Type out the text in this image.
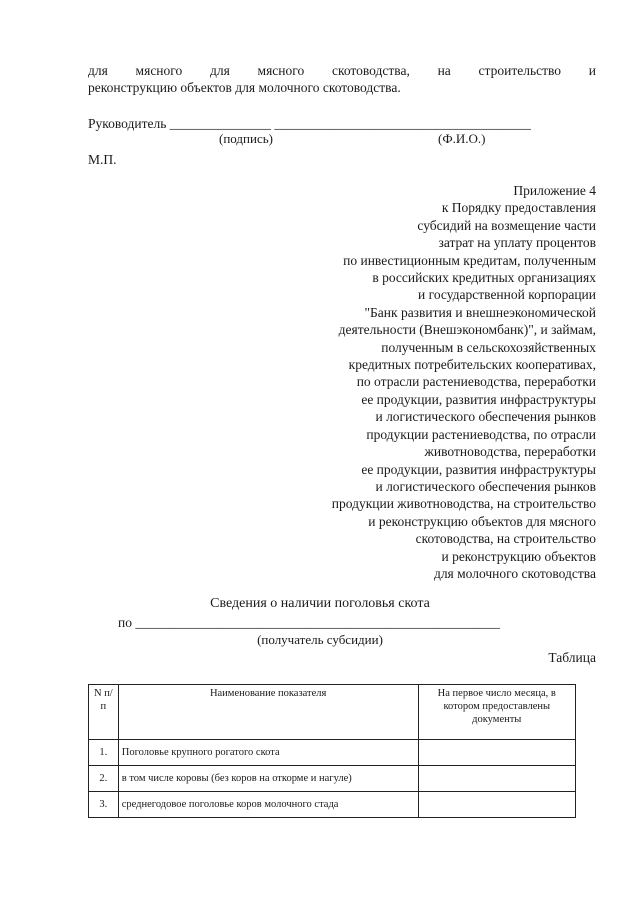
для мясного для мясного скотоводства, на строительство и
реконструкцию объектов для молочного скотоводства.
Руководитель _______________ ______________________________________
(подпись)	(Ф.И.О.)
М.П.
Приложение 4
к Порядку предоставления
субсидий на возмещение части
затрат на уплату процентов
по инвестиционным кредитам, полученным
в российских кредитных организациях
и государственной корпорации
"Банк развития и внешнеэкономической
деятельности (Внешэкономбанк)", и займам,
полученным в сельскохозяйственных
кредитных потребительских кооперативах,
по отрасли растениеводства, переработки
ее продукции, развития инфраструктуры
и логистического обеспечения рынков
продукции растениеводства, по отрасли
животноводства, переработки
ее продукции, развития инфраструктуры
и логистического обеспечения рынков
продукции животноводства, на строительство
и реконструкцию объектов для мясного
скотоводства, на строительство
и реконструкцию объектов
для молочного скотоводства
Сведения о наличии поголовья скота
по ______________________________________________________
(получатель субсидии)
Таблица
N п/п	Наименование показателя	На первое число месяца, в котором предоставлены документы
1.	Поголовье крупного рогатого скота	
2.	в том числе коровы (без коров на откорме и нагуле)	
3.	среднегодовое поголовье коров молочного стада	
